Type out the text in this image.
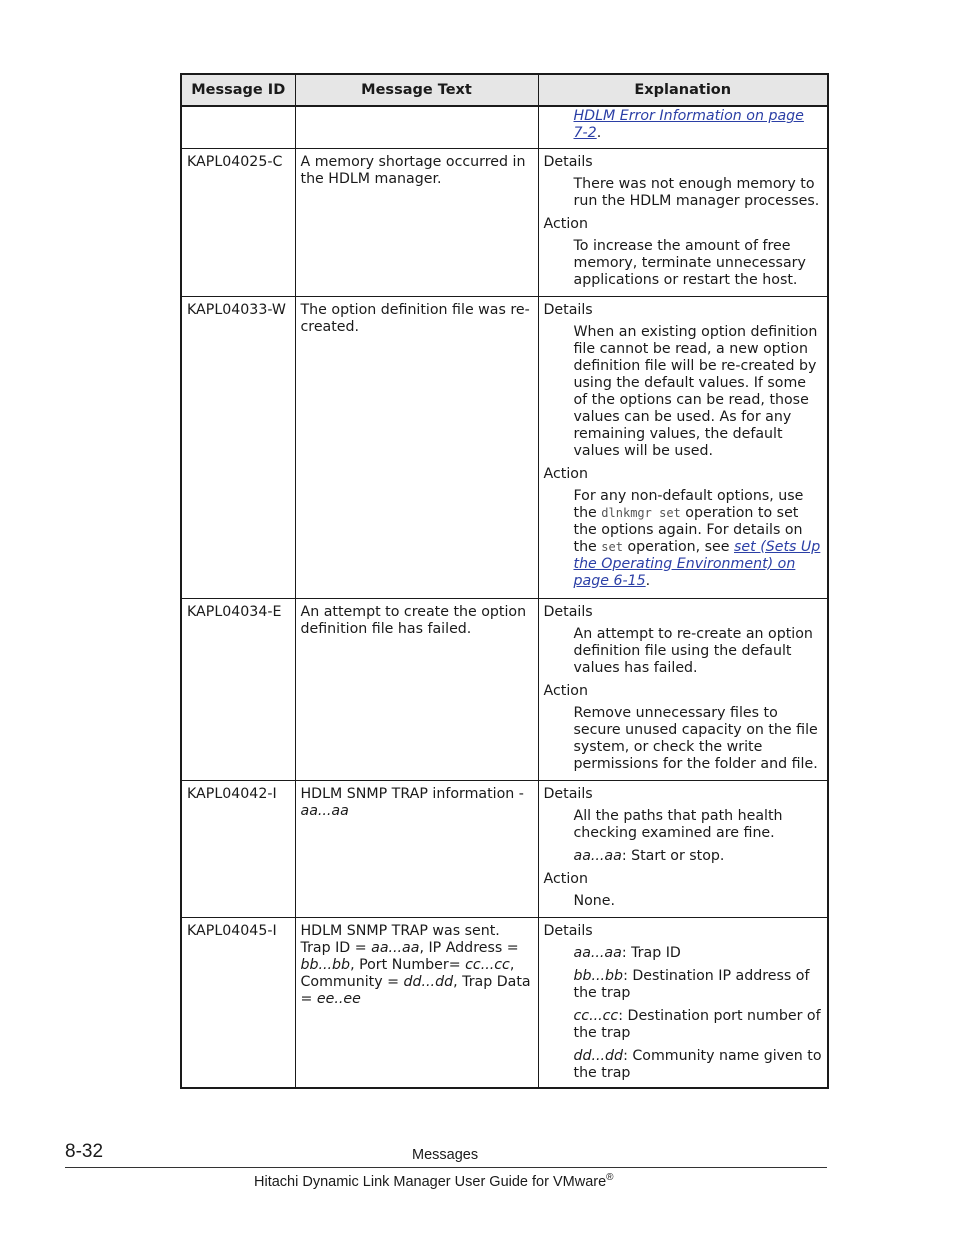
Message ID	Message Text	Explanation

		HDLM Error Information on page 7-2.

KAPL04025-C	A memory shortage occurred in the HDLM manager.	Details
There was not enough memory to run the HDLM manager processes.
Action
To increase the amount of free memory, terminate unnecessary applications or restart the host.

KAPL04033-W	The option definition file was re-created.	Details
When an existing option definition file cannot be read, a new option definition file will be re-created by using the default values. If some of the options can be read, those values can be used. As for any remaining values, the default values will be used.
Action
For any non-default options, use the dlnkmgr set operation to set the options again. For details on the set operation, see set (Sets Up the Operating Environment) on page 6-15.

KAPL04034-E	An attempt to create the option definition file has failed.	Details
An attempt to re-create an option definition file using the default values has failed.
Action
Remove unnecessary files to secure unused capacity on the file system, or check the write permissions for the folder and file.

KAPL04042-I	HDLM SNMP TRAP information - aa...aa	Details
All the paths that path health checking examined are fine.
aa...aa: Start or stop.
Action
None.

KAPL04045-I	HDLM SNMP TRAP was sent. Trap ID = aa...aa, IP Address = bb...bb, Port Number= cc...cc, Community = dd...dd, Trap Data = ee..ee	Details
aa...aa: Trap ID
bb...bb: Destination IP address of the trap
cc...cc: Destination port number of the trap
dd...dd: Community name given to the trap
8-32	Messages
Hitachi Dynamic Link Manager User Guide for VMware®
